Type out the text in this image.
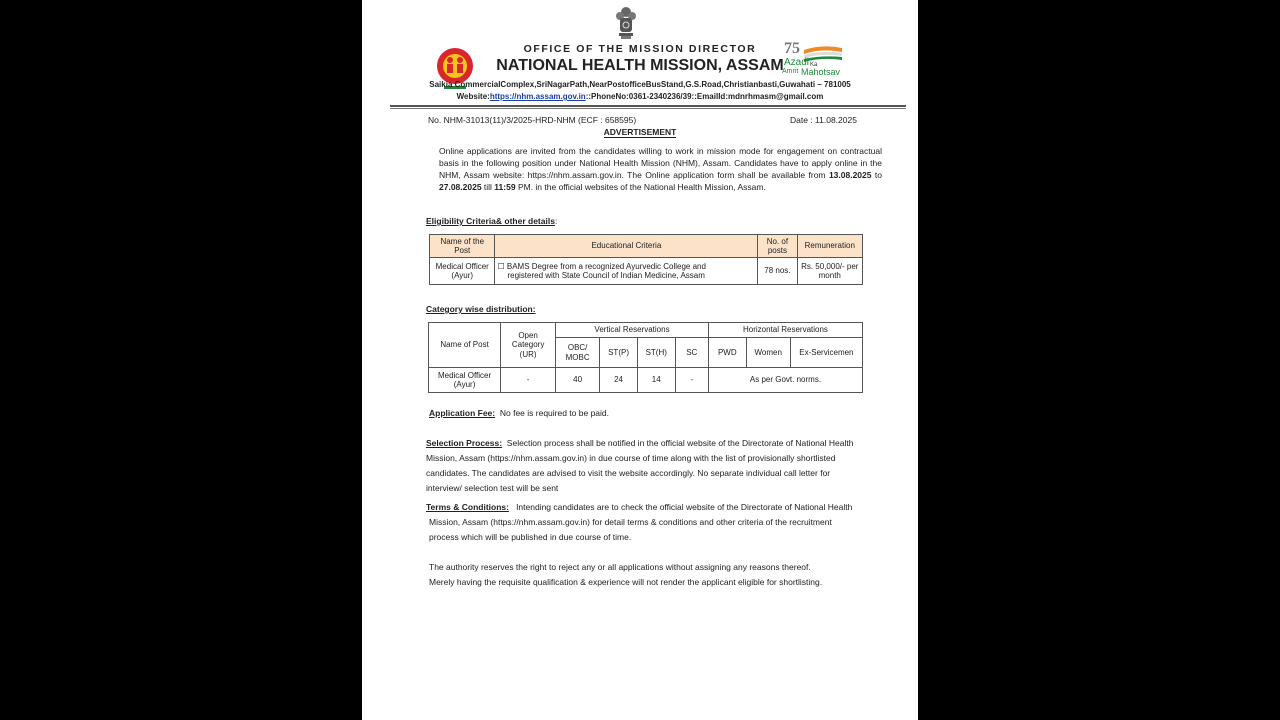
75
Azadi Ka
Amrit Mahotsav
OFFICE OF THE MISSION DIRECTOR
NATIONAL HEALTH MISSION, ASSAM
Saikia CommercialComplex,SriNagarPath,NearPostofficeBusStand,G.S.Road,Christianbasti,Guwahati – 781005
Website:https://nhm.assam.gov.in::PhoneNo:0361-2340236/39::EmailId:mdnrhmasm@gmail.com
No. NHM-31013(11)/3/2025-HRD-NHM (ECF : 658595)	Date : 11.08.2025
ADVERTISEMENT
Online applications are invited from the candidates willing to work in mission mode for engagement on contractual basis in the following position under National Health Mission (NHM), Assam. Candidates have to apply online in the NHM, Assam website: https://nhm.assam.gov.in. The Online application form shall be available from 13.08.2025 to 27.08.2025 till 11:59 PM. in the official websites of the National Health Mission, Assam.
Eligibility Criteria& other details:
Name of the Post	Educational Criteria	No. of posts	Remuneration
Medical Officer (Ayur)	☐ BAMS Degree from a recognized Ayurvedic College and
registered with State Council of Indian Medicine, Assam	78 nos.	Rs. 50,000/- per month
Category wise distribution:
Name of Post	Open Category (UR)	Vertical Reservations				Horizontal Reservations		
		OBC/ MOBC	ST(P)	ST(H)	SC	PWD	Women	Ex-Servicemen
Medical Officer (Ayur)	-	40	24	14	-	As per Govt. norms.		
Application Fee: No fee is required to be paid.
Selection Process: Selection process shall be notified in the official website of the Directorate of National Health
Mission, Assam (https://nhm.assam.gov.in) in due course of time along with the list of provisionally shortlisted
candidates. The candidates are advised to visit the website accordingly. No separate individual call letter for
interview/ selection test will be sent
Terms & Conditions: Intending candidates are to check the official website of the Directorate of National Health
Mission, Assam (https://nhm.assam.gov.in) for detail terms & conditions and other criteria of the recruitment
process which will be published in due course of time.
The authority reserves the right to reject any or all applications without assigning any reasons thereof.
Merely having the requisite qualification & experience will not render the applicant eligible for shortlisting.
